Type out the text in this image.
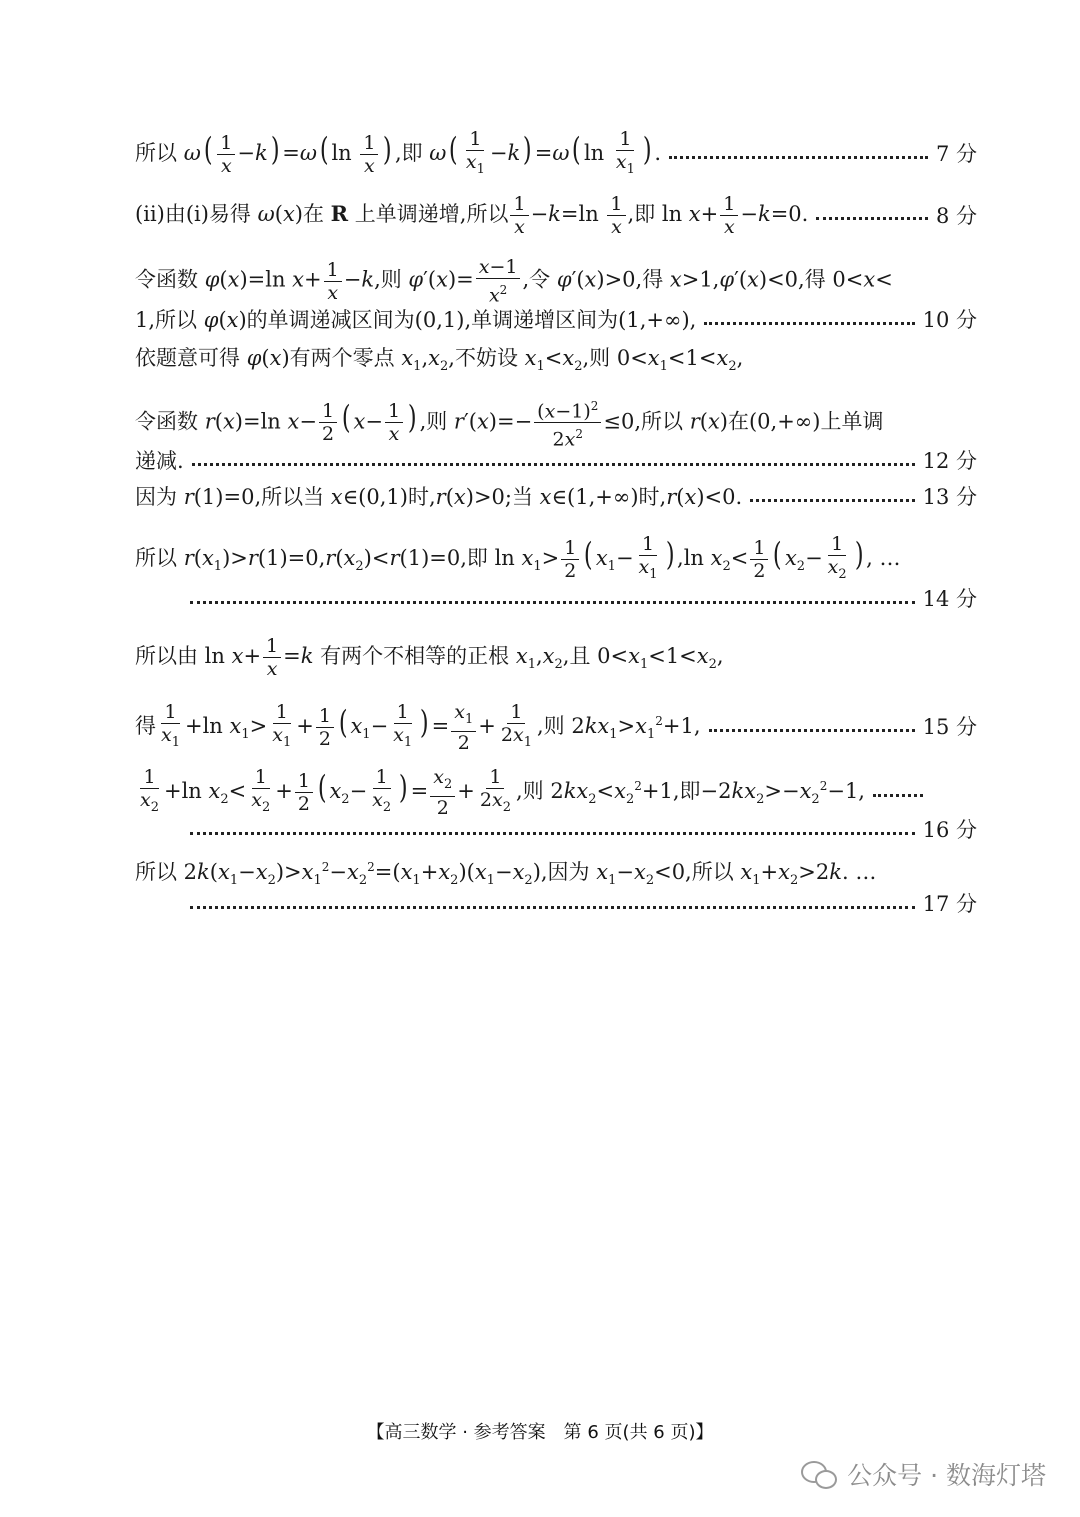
所以 $\omega( \frac{1}{x} -k) =\omega$( $\ln \frac{1}{x}$ ) ,即 $\omega( \frac{1}{x_1} -k) =\omega$( $\ln \frac{1}{x_1}$ ) .	7 分
(ⅱ)由(ⅰ)易得 ω(x)在 R 上单调递增,所以 $\frac{1}{x} -k=\ln \frac{1}{x}$ ,即 $\ln x+ \frac{1}{x} -k=0$.	8 分
令函数 φ(x)=ln $x+ \frac{1}{x} -k$,则 $\varphi'(x)= \frac{x-1}{x^2}$ ,令 φ′(x)>0,得 x>1,φ′(x)<0,得 0<x<
1,所以 φ(x)的单调递减区间为(0,1),单调递增区间为(1,+∞),	10 分
依题意可得 φ(x)有两个零点 $x_1,x_2$,不妨设 $x_1<x_2$,则 $0<x_1<1<x_2$,
令函数 r(x)=ln $x- \frac{1}{2}$ ( $x- \frac{1}{x}$ ) ,则 $r'(x)=- \frac{(x-1)^2}{2x^2} \le 0$,所以 r(x)在(0,+∞)上单调
递减.	12 分
因为 r(1)=0,所以当 x∈(0,1)时,r(x)>0;当 x∈(1,+∞)时,r(x)<0.	13 分
所以 $r(x_1)>r(1)=0,r(x_2)<r(1)=0$,即 $\ln x_1> \frac{1}{2}$ ( $x_1- \frac{1}{x_1}$ ) ,ln $x_2< \frac{1}{2}$ ( $x_2- \frac{1}{x_2}$ ) , …
14 分
所以由 $\ln x+ \frac{1}{x} =k$ 有两个不相等的正根 $x_1,x_2$,且 $0<x_1<1<x_2$,
得 $\frac{1}{x_1} +\ln$ $x_1> \frac{1}{x_1} + \frac{1}{2}$ ( $x_1- \frac{1}{x_1}$ ) = $\frac{x_1}{2} + \frac{1}{2x_1}$ ,则 $2kx_1>x_1^2+1$,	15 分
$\frac{1}{x_2} +\ln$ $x_2< \frac{1}{x_2} + \frac{1}{2}$ ( $x_2- \frac{1}{x_2}$ ) = $\frac{x_2}{2} + \frac{1}{2x_2}$ ,则 $2kx_2<x_2^2+1$,即$-2kx_2>-x_2^2-1$,
16 分
所以 $2k(x_1-x_2)>x_1^2-x_2^2=(x_1+x_2)(x_1-x_2)$,因为 $x_1-x_2<0$,所以 $x_1+x_2>2k$. …
17 分
【高三数学 · 参考答案　第 6 页(共 6 页)】
公众号 · 数海灯塔
